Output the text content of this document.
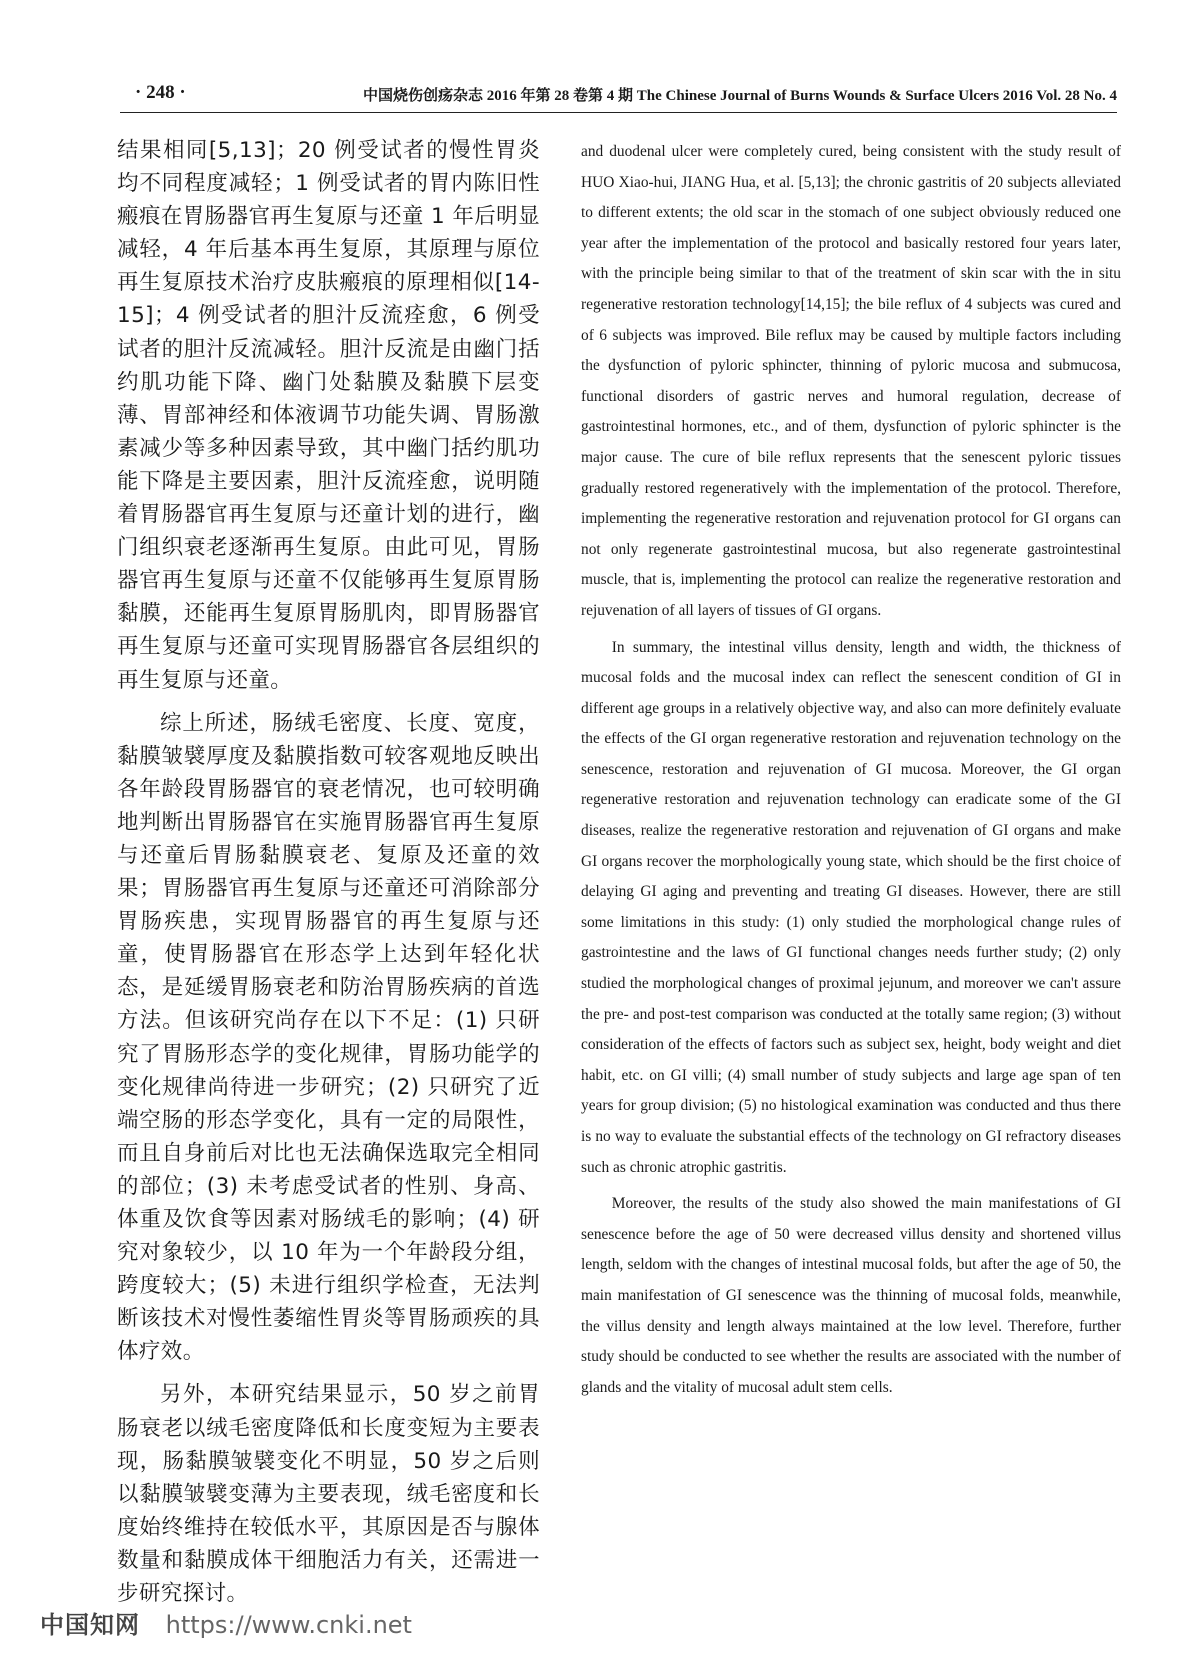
· 248 ·	中国烧伤创疡杂志 2016 年第 28 卷第 4 期 The Chinese Journal of Burns Wounds & Surface Ulcers 2016 Vol. 28 No. 4

结果相同[5,13]；20 例受试者的慢性胃炎均不同程度减轻；1 例受试者的胃内陈旧性瘢痕在胃肠器官再生复原与还童 1 年后明显减轻，4 年后基本再生复原，其原理与原位再生复原技术治疗皮肤瘢痕的原理相似[14-15]；4 例受试者的胆汁反流痊愈，6 例受试者的胆汁反流减轻。胆汁反流是由幽门括约肌功能下降、幽门处黏膜及黏膜下层变薄、胃部神经和体液调节功能失调、胃肠激素减少等多种因素导致，其中幽门括约肌功能下降是主要因素，胆汁反流痊愈，说明随着胃肠器官再生复原与还童计划的进行，幽门组织衰老逐渐再生复原。由此可见，胃肠器官再生复原与还童不仅能够再生复原胃肠黏膜，还能再生复原胃肠肌肉，即胃肠器官再生复原与还童可实现胃肠器官各层组织的再生复原与还童。

综上所述，肠绒毛密度、长度、宽度，黏膜皱襞厚度及黏膜指数可较客观地反映出各年龄段胃肠器官的衰老情况，也可较明确地判断出胃肠器官在实施胃肠器官再生复原与还童后胃肠黏膜衰老、复原及还童的效果；胃肠器官再生复原与还童还可消除部分胃肠疾患，实现胃肠器官的再生复原与还童，使胃肠器官在形态学上达到年轻化状态，是延缓胃肠衰老和防治胃肠疾病的首选方法。但该研究尚存在以下不足：(1) 只研究了胃肠形态学的变化规律，胃肠功能学的变化规律尚待进一步研究；(2) 只研究了近端空肠的形态学变化，具有一定的局限性，而且自身前后对比也无法确保选取完全相同的部位；(3) 未考虑受试者的性别、身高、体重及饮食等因素对肠绒毛的影响；(4) 研究对象较少，以 10 年为一个年龄段分组，跨度较大；(5) 未进行组织学检查，无法判断该技术对慢性萎缩性胃炎等胃肠顽疾的具体疗效。

另外，本研究结果显示，50 岁之前胃肠衰老以绒毛密度降低和长度变短为主要表现，肠黏膜皱襞变化不明显，50 岁之后则以黏膜皱襞变薄为主要表现，绒毛密度和长度始终维持在较低水平，其原因是否与腺体数量和黏膜成体干细胞活力有关，还需进一步研究探讨。

and duodenal ulcer were completely cured, being consistent with the study result of HUO Xiao-hui, JIANG Hua, et al. [5,13]; the chronic gastritis of 20 subjects alleviated to different extents; the old scar in the stomach of one subject obviously reduced one year after the implementation of the protocol and basically restored four years later, with the principle being similar to that of the treatment of skin scar with the in situ regenerative restoration technology[14,15]; the bile reflux of 4 subjects was cured and of 6 subjects was improved. Bile reflux may be caused by multiple factors including the dysfunction of pyloric sphincter, thinning of pyloric mucosa and submucosa, functional disorders of gastric nerves and humoral regulation, decrease of gastrointestinal hormones, etc., and of them, dysfunction of pyloric sphincter is the major cause. The cure of bile reflux represents that the senescent pyloric tissues gradually restored regeneratively with the implementation of the protocol. Therefore, implementing the regenerative restoration and rejuvenation protocol for GI organs can not only regenerate gastrointestinal mucosa, but also regenerate gastrointestinal muscle, that is, implementing the protocol can realize the regenerative restoration and rejuvenation of all layers of tissues of GI organs.

In summary, the intestinal villus density, length and width, the thickness of mucosal folds and the mucosal index can reflect the senescent condition of GI in different age groups in a relatively objective way, and also can more definitely evaluate the effects of the GI organ regenerative restoration and rejuvenation technology on the senescence, restoration and rejuvenation of GI mucosa. Moreover, the GI organ regenerative restoration and rejuvenation technology can eradicate some of the GI diseases, realize the regenerative restoration and rejuvenation of GI organs and make GI organs recover the morphologically young state, which should be the first choice of delaying GI aging and preventing and treating GI diseases. However, there are still some limitations in this study: (1) only studied the morphological change rules of gastrointestine and the laws of GI functional changes needs further study; (2) only studied the morphological changes of proximal jejunum, and moreover we can't assure the pre- and post-test comparison was conducted at the totally same region; (3) without consideration of the effects of factors such as subject sex, height, body weight and diet habit, etc. on GI villi; (4) small number of study subjects and large age span of ten years for group division; (5) no histological examination was conducted and thus there is no way to evaluate the substantial effects of the technology on GI refractory diseases such as chronic atrophic gastritis.

Moreover, the results of the study also showed the main manifestations of GI senescence before the age of 50 were decreased villus density and shortened villus length, seldom with the changes of intestinal mucosal folds, but after the age of 50, the main manifestation of GI senescence was the thinning of mucosal folds, meanwhile, the villus density and length always maintained at the low level. Therefore, further study should be conducted to see whether the results are associated with the number of glands and the vitality of mucosal adult stem cells.

中国知网 https://www.cnki.net
